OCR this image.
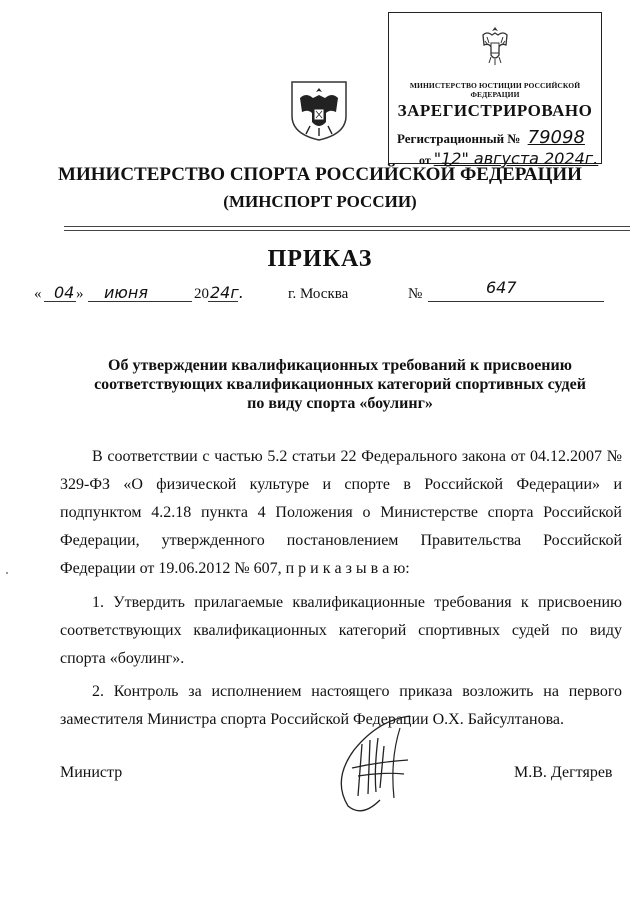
МИНИСТЕРСТВО ЮСТИЦИИ РОССИЙСКОЙ ФЕДЕРАЦИИ
ЗАРЕГИСТРИРОВАНО
Регистрационный № 79098
от "12" августа 2024г.
МИНИСТЕРСТВО СПОРТА РОССИЙСКОЙ ФЕДЕРАЦИИ
(МИНСПОРТ РОССИИ)
ПРИКАЗ
« 04 » июня	20 24г.	г. Москва	№	647
Об утверждении квалификационных требований к присвоению
соответствующих квалификационных категорий спортивных судей
по виду спорта «боулинг»

В соответствии с частью 5.2 статьи 22 Федерального закона от 04.12.2007 № 329-ФЗ «О физической культуре и спорте в Российской Федерации» и подпунктом 4.2.18 пункта 4 Положения о Министерстве спорта Российской Федерации, утвержденного постановлением Правительства Российской Федерации от 19.06.2012 № 607, п р и к а з ы в а ю:

1. Утвердить прилагаемые квалификационные требования к присвоению соответствующих квалификационных категорий спортивных судей по виду спорта «боулинг».

2. Контроль за исполнением настоящего приказа возложить на первого заместителя Министра спорта Российской Федерации О.Х. Байсултанова.

Министр	М.В. Дегтярев
